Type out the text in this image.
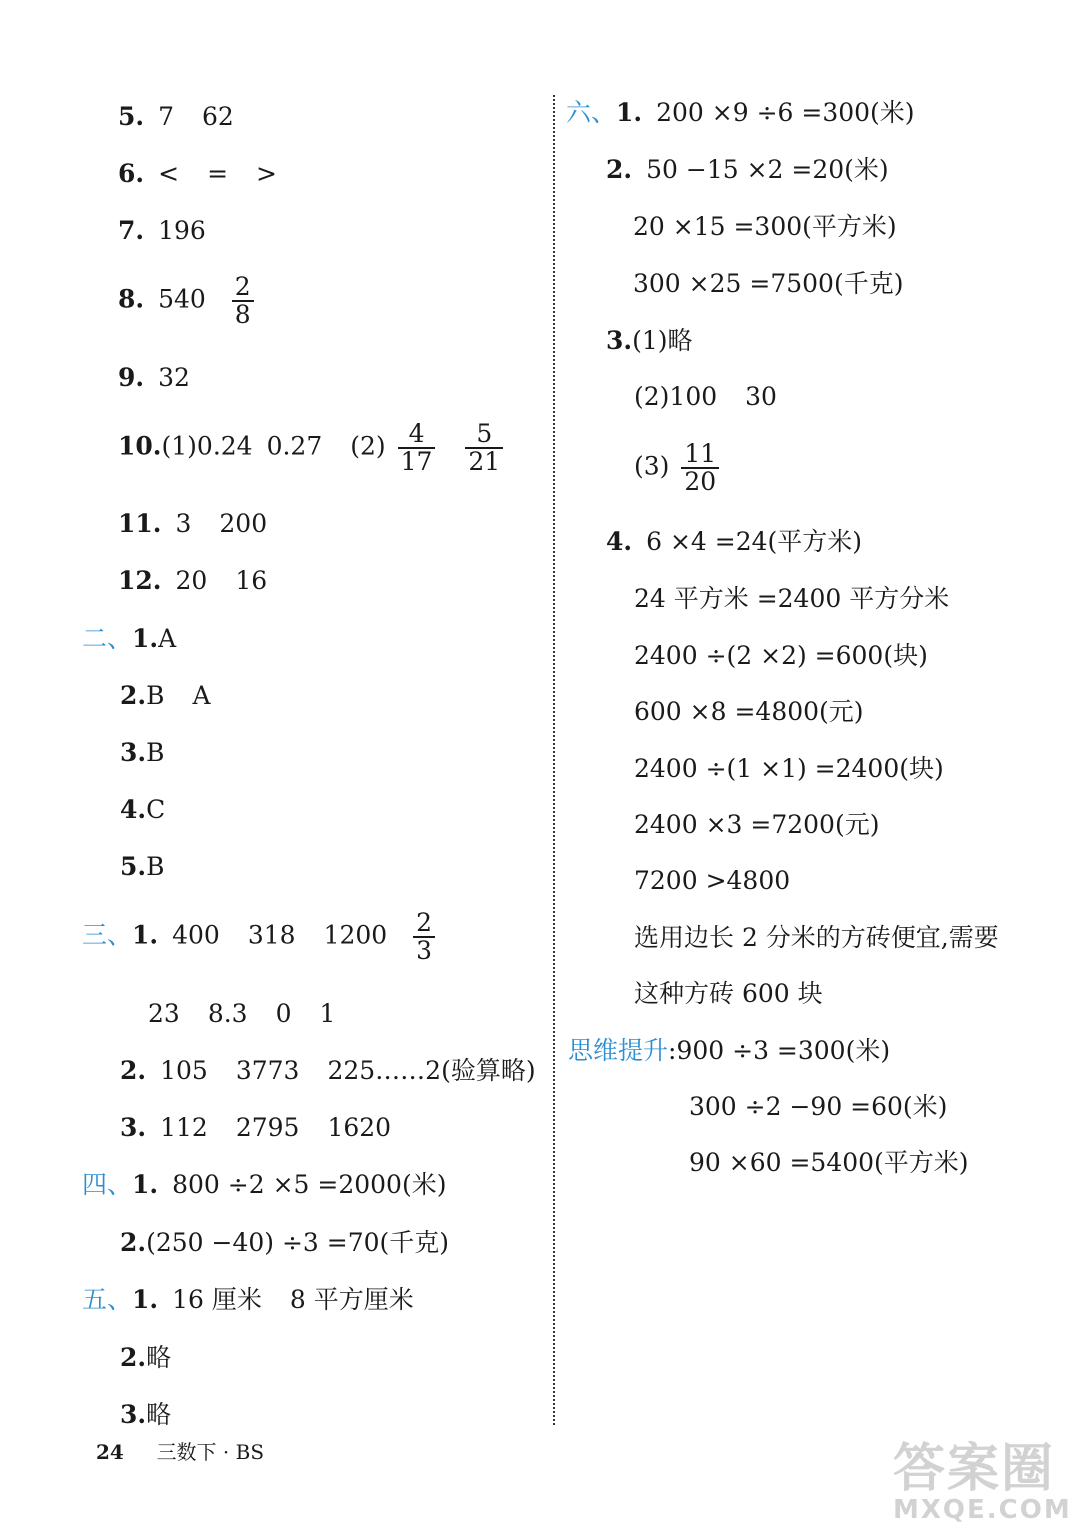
5. 7 62
6. < = >
7. 196
8. $540 \frac{2}{8}$
9. 32
10.(1)0.24 0.27 $(2) \frac{4}{17}$
$\frac{5}{21}$
11. 3 200
12. 20 16
二、1.A
2.B A
3.B
4.C
5.B
三、1. 400 318 $1200 \frac{2}{3}$
23 8.3 0 1
2. 105 3773 225……2(验算略)
3. 112 2795 1620
四、1. 800 ÷2 ×5 =2000(米)
2.(250 −40) ÷3 =70(千克)
五、1. 16 厘米 8 平方厘米
2.略
3.略
六、1. 200 ×9 ÷6 =300(米)
2. 50 −15 ×2 =20(米)
20 ×15 =300(平方米)
300 ×25 =7500(千克)
3.(1)略
(2)100 30
$(3) \frac{11}{20}$
4. 6 ×4 =24(平方米)
24 平方米 =2400 平方分米
2400 ÷(2 ×2) =600(块)
600 ×8 =4800(元)
2400 ÷(1 ×1) =2400(块)
2400 ×3 =7200(元)
7200 >4800
选用边长 2 分米的方砖便宜,需要
这种方砖 600 块
思维提升:900 ÷3 =300(米)
300 ÷2 −90 =60(米)
90 ×60 =5400(平方米)
24 三数下 · BS	答案圈
MXQE.COM
